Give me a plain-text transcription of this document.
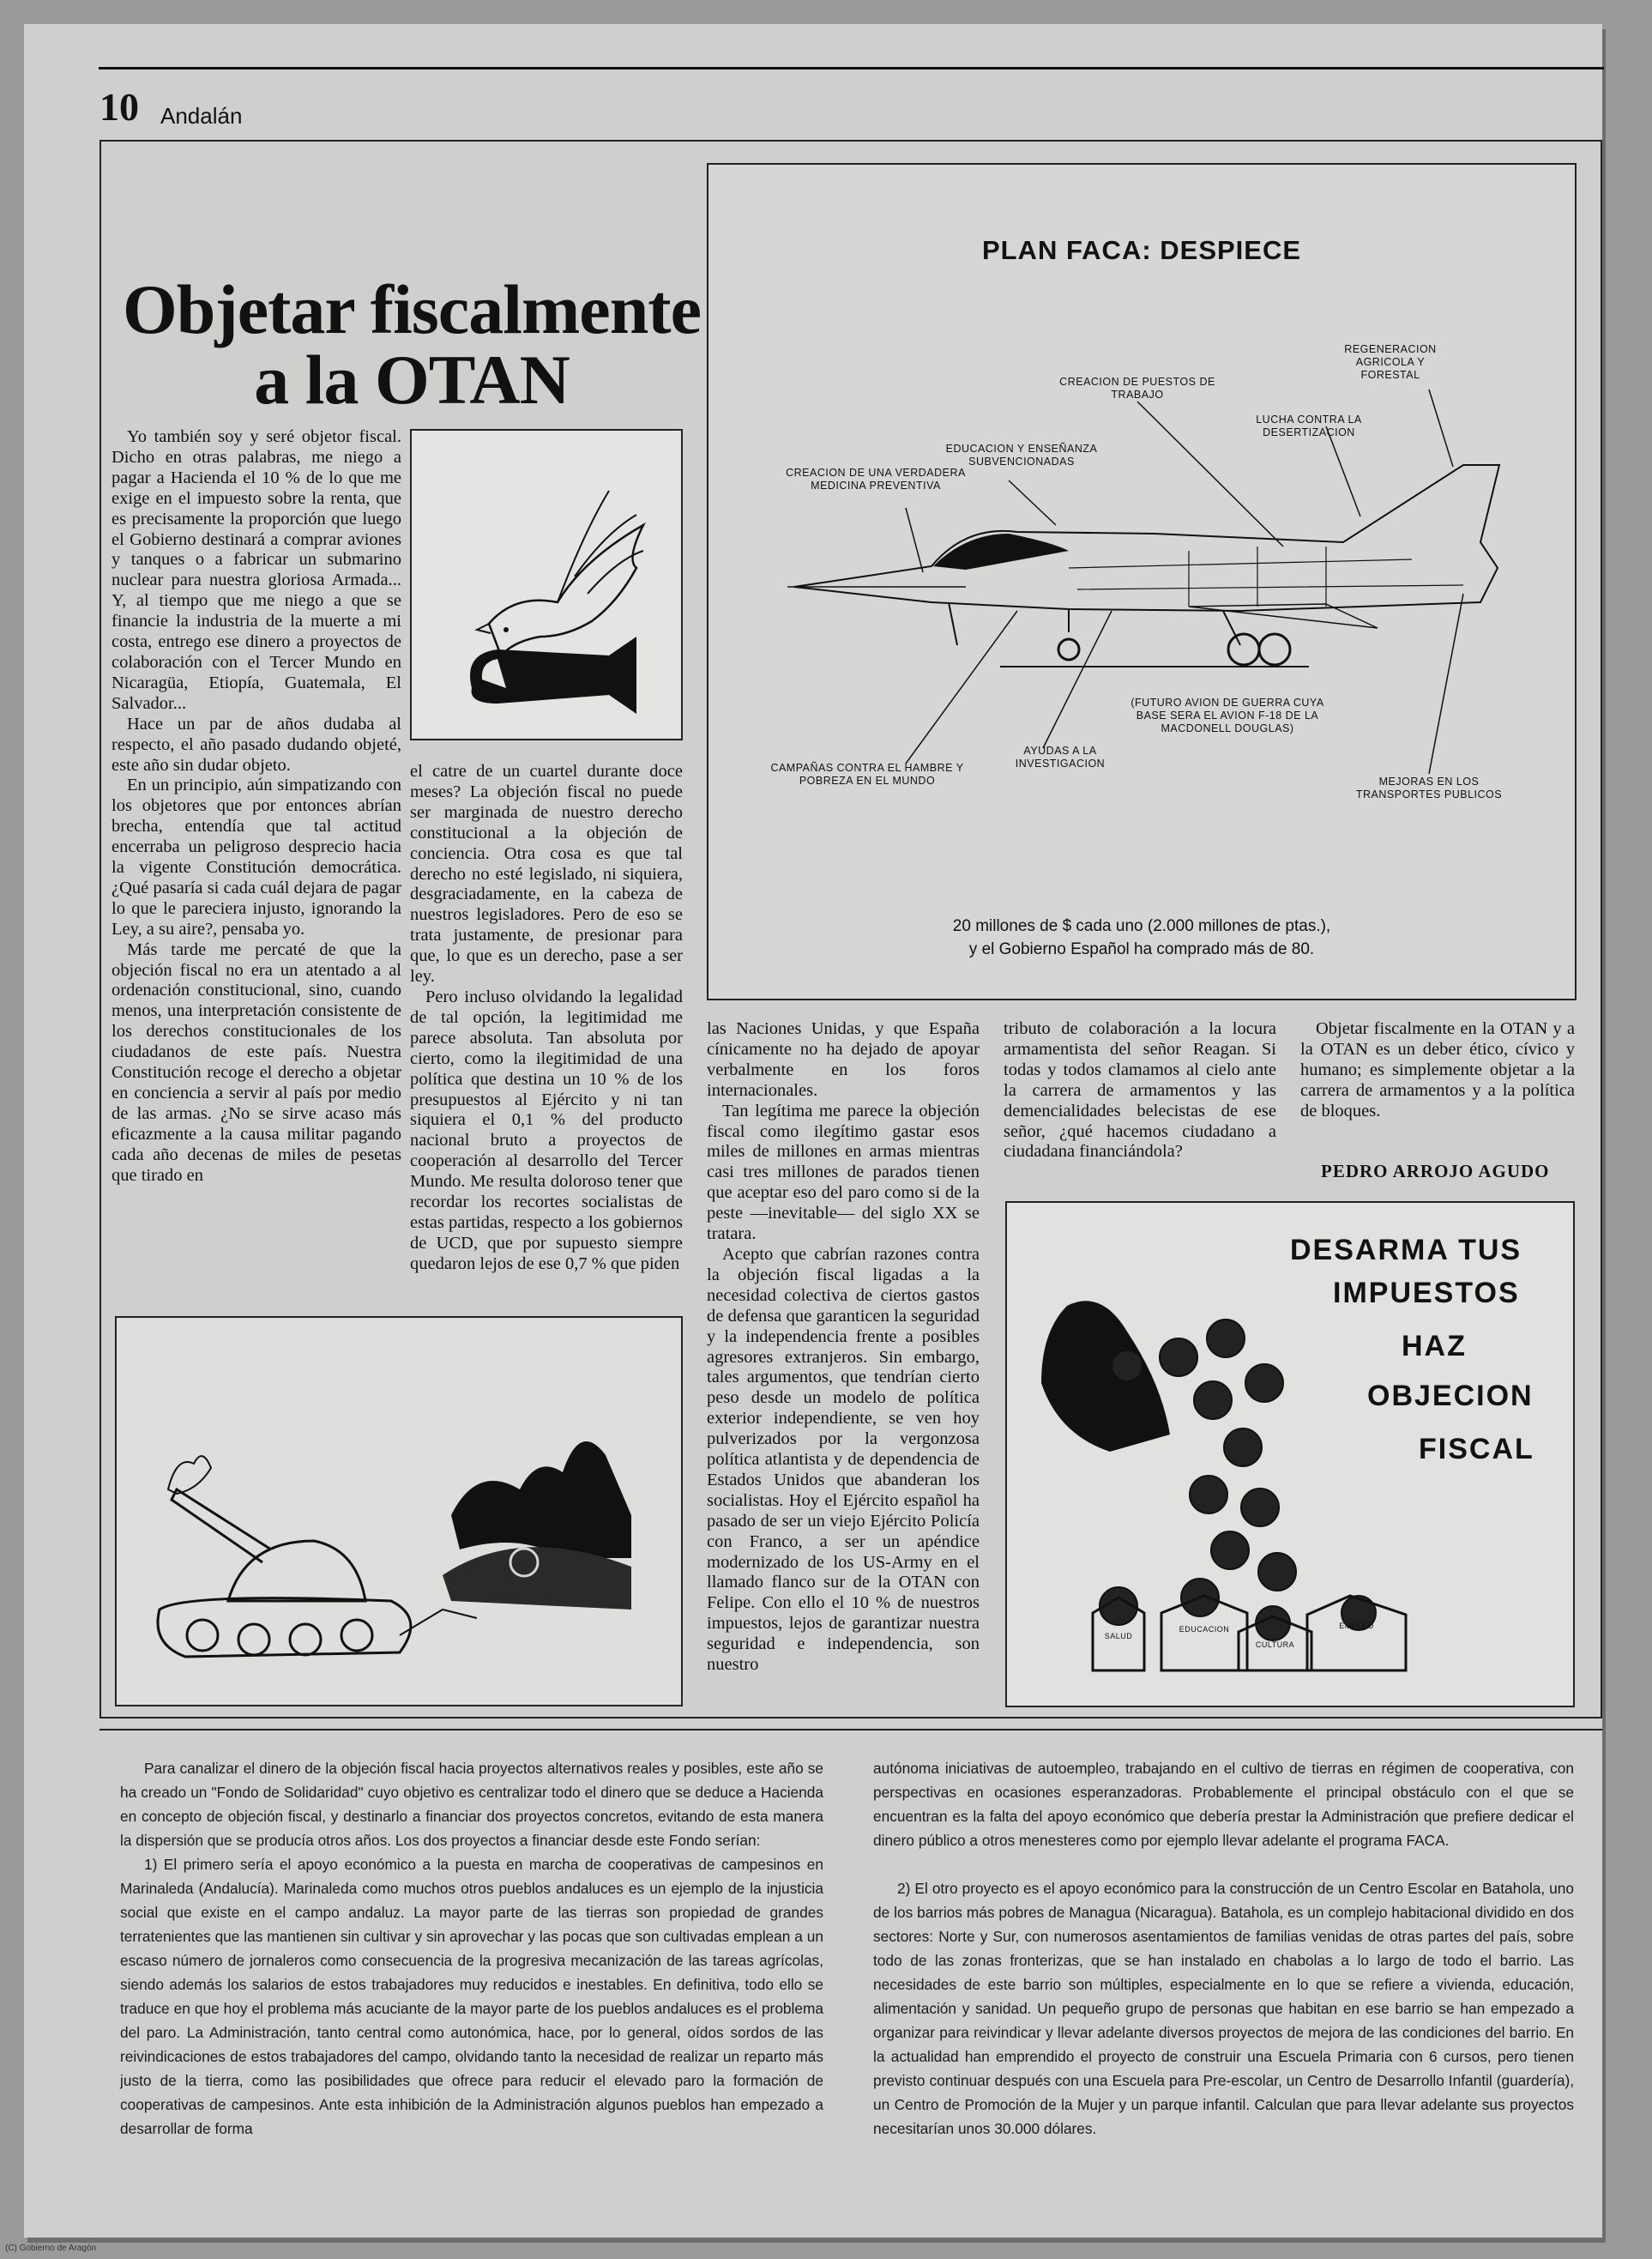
10 Andalán
Objetar fiscalmente
a la OTAN

Yo también soy y seré objetor fiscal. Dicho en otras palabras, me niego a pagar a Hacienda el 10 % de lo que me exige en el impuesto sobre la renta, que es precisamente la proporción que luego el Gobierno destinará a comprar aviones y tanques o a fabricar un submarino nuclear para nuestra gloriosa Armada... Y, al tiempo que me niego a que se financie la industria de la muerte a mi costa, entrego ese dinero a proyectos de colaboración con el Tercer Mundo en Nicaragüa, Etiopía, Guatemala, El Salvador...

Hace un par de años dudaba al respecto, el año pasado dudando objeté, este año sin dudar objeto.

En un principio, aún simpatizando con los objetores que por entonces abrían brecha, entendía que tal actitud encerraba un peligroso desprecio hacia la vigente Constitución democrática. ¿Qué pasaría si cada cuál dejara de pagar lo que le pareciera injusto, ignorando la Ley, a su aire?, pensaba yo.

Más tarde me percaté de que la objeción fiscal no era un atentado a al ordenación constitucional, sino, cuando menos, una interpretación consistente de los derechos constitucionales de los ciudadanos de este país. Nuestra Constitución recoge el derecho a objetar en conciencia a servir al país por medio de las armas. ¿No se sirve acaso más eficazmente a la causa militar pagando cada año decenas de miles de pesetas que tirado en

el catre de un cuartel durante doce meses? La objeción fiscal no puede ser marginada de nuestro derecho constitucional a la objeción de conciencia. Otra cosa es que tal derecho no esté legislado, ni siquiera, desgraciadamente, en la cabeza de nuestros legisladores. Pero de eso se trata justamente, de presionar para que, lo que es un derecho, pase a ser ley.

Pero incluso olvidando la legalidad de tal opción, la legitimidad me parece absoluta. Tan absoluta por cierto, como la ilegitimidad de una política que destina un 10 % de los presupuestos al Ejército y ni tan siquiera el 0,1 % del producto nacional bruto a proyectos de cooperación al desarrollo del Tercer Mundo. Me resulta doloroso tener que recordar los recortes socialistas de estas partidas, respecto a los gobiernos de UCD, que por supuesto siempre quedaron lejos de ese 0,7 % que piden

PLAN FACA: DESPIECE
REGENERACION AGRICOLA Y FORESTAL
CREACION DE PUESTOS DE TRABAJO
LUCHA CONTRA LA DESERTIZACION
EDUCACION Y ENSEÑANZA SUBVENCIONADAS
CREACION DE UNA VERDADERA MEDICINA PREVENTIVA
(FUTURO AVION DE GUERRA CUYA BASE SERA EL AVION F-18 DE LA MACDONELL DOUGLAS)
AYUDAS A LA INVESTIGACION
CAMPAÑAS CONTRA EL HAMBRE Y POBREZA EN EL MUNDO	MEJORAS EN LOS TRANSPORTES PUBLICOS
20 millones de $ cada uno (2.000 millones de ptas.),
y el Gobierno Español ha comprado más de 80.

las Naciones Unidas, y que España cínicamente no ha dejado de apoyar verbalmente en los foros internacionales.

Tan legítima me parece la objeción fiscal como ilegítimo gastar esos miles de millones en armas mientras casi tres millones de parados tienen que aceptar eso del paro como si de la peste —inevitable— del siglo XX se tratara.

Acepto que cabrían razones contra la objeción fiscal ligadas a la necesidad colectiva de ciertos gastos de defensa que garanticen la seguridad y la independencia frente a posibles agresores extranjeros. Sin embargo, tales argumentos, que tendrían cierto peso desde un modelo de política exterior independiente, se ven hoy pulverizados por la vergonzosa política atlantista y de dependencia de Estados Unidos que abanderan los socialistas. Hoy el Ejército español ha pasado de ser un viejo Ejército Policía con Franco, a ser un apéndice modernizado de los US-Army en el llamado flanco sur de la OTAN con Felipe. Con ello el 10 % de nuestros impuestos, lejos de garantizar nuestra seguridad e independencia, son nuestro

tributo de colaboración a la locura armamentista del señor Reagan. Si todas y todos clamamos al cielo ante la carrera de armamentos y las demencialidades belecistas de ese señor, ¿qué hacemos ciudadano a ciudadana financiándola?

Objetar fiscalmente en la OTAN y a la OTAN es un deber ético, cívico y humano; es simplemente objetar a la carrera de armamentos y a la política de bloques.

PEDRO ARROJO AGUDO
DESARMA TUS
IMPUESTOS
HAZ
OBJECION
FISCAL
SALUD
EDUCACION
CULTURA
EMPLEO

Para canalizar el dinero de la objeción fiscal hacia proyectos alternativos reales y posibles, este año se ha creado un "Fondo de Solidaridad" cuyo objetivo es centralizar todo el dinero que se deduce a Hacienda en concepto de objeción fiscal, y destinarlo a financiar dos proyectos concretos, evitando de esta manera la dispersión que se producía otros años. Los dos proyectos a financiar desde este Fondo serían:

1) El primero sería el apoyo económico a la puesta en marcha de cooperativas de campesinos en Marinaleda (Andalucía). Marinaleda como muchos otros pueblos andaluces es un ejemplo de la injusticia social que existe en el campo andaluz. La mayor parte de las tierras son propiedad de grandes terratenientes que las mantienen sin cultivar y sin aprovechar y las pocas que son cultivadas emplean a un escaso número de jornaleros como consecuencia de la progresiva mecanización de las tareas agrícolas, siendo además los salarios de estos trabajadores muy reducidos e inestables. En definitiva, todo ello se traduce en que hoy el problema más acuciante de la mayor parte de los pueblos andaluces es el problema del paro. La Administración, tanto central como autonómica, hace, por lo general, oídos sordos de las reivindicaciones de estos trabajadores del campo, olvidando tanto la necesidad de realizar un reparto más justo de la tierra, como las posibilidades que ofrece para reducir el elevado paro la formación de cooperativas de campesinos. Ante esta inhibición de la Administración algunos pueblos han empezado a desarrollar de forma

autónoma iniciativas de autoempleo, trabajando en el cultivo de tierras en régimen de cooperativa, con perspectivas en ocasiones esperanzadoras. Probablemente el principal obstáculo con el que se encuentran es la falta del apoyo económico que debería prestar la Administración que prefiere dedicar el dinero público a otros menesteres como por ejemplo llevar adelante el programa FACA.

2) El otro proyecto es el apoyo económico para la construcción de un Centro Escolar en Batahola, uno de los barrios más pobres de Managua (Nicaragua). Batahola, es un complejo habitacional dividido en dos sectores: Norte y Sur, con numerosos asentamientos de familias venidas de otras partes del país, sobre todo de las zonas fronterizas, que se han instalado en chabolas a lo largo de todo el barrio. Las necesidades de este barrio son múltiples, especialmente en lo que se refiere a vivienda, educación, alimentación y sanidad. Un pequeño grupo de personas que habitan en ese barrio se han empezado a organizar para reivindicar y llevar adelante diversos proyectos de mejora de las condiciones del barrio. En la actualidad han emprendido el proyecto de construir una Escuela Primaria con 6 cursos, pero tienen previsto continuar después con una Escuela para Pre-escolar, un Centro de Desarrollo Infantil (guardería), un Centro de Promoción de la Mujer y un parque infantil. Calculan que para llevar adelante sus proyectos necesitarían unos 30.000 dólares.

(C) Gobierno de Aragón
